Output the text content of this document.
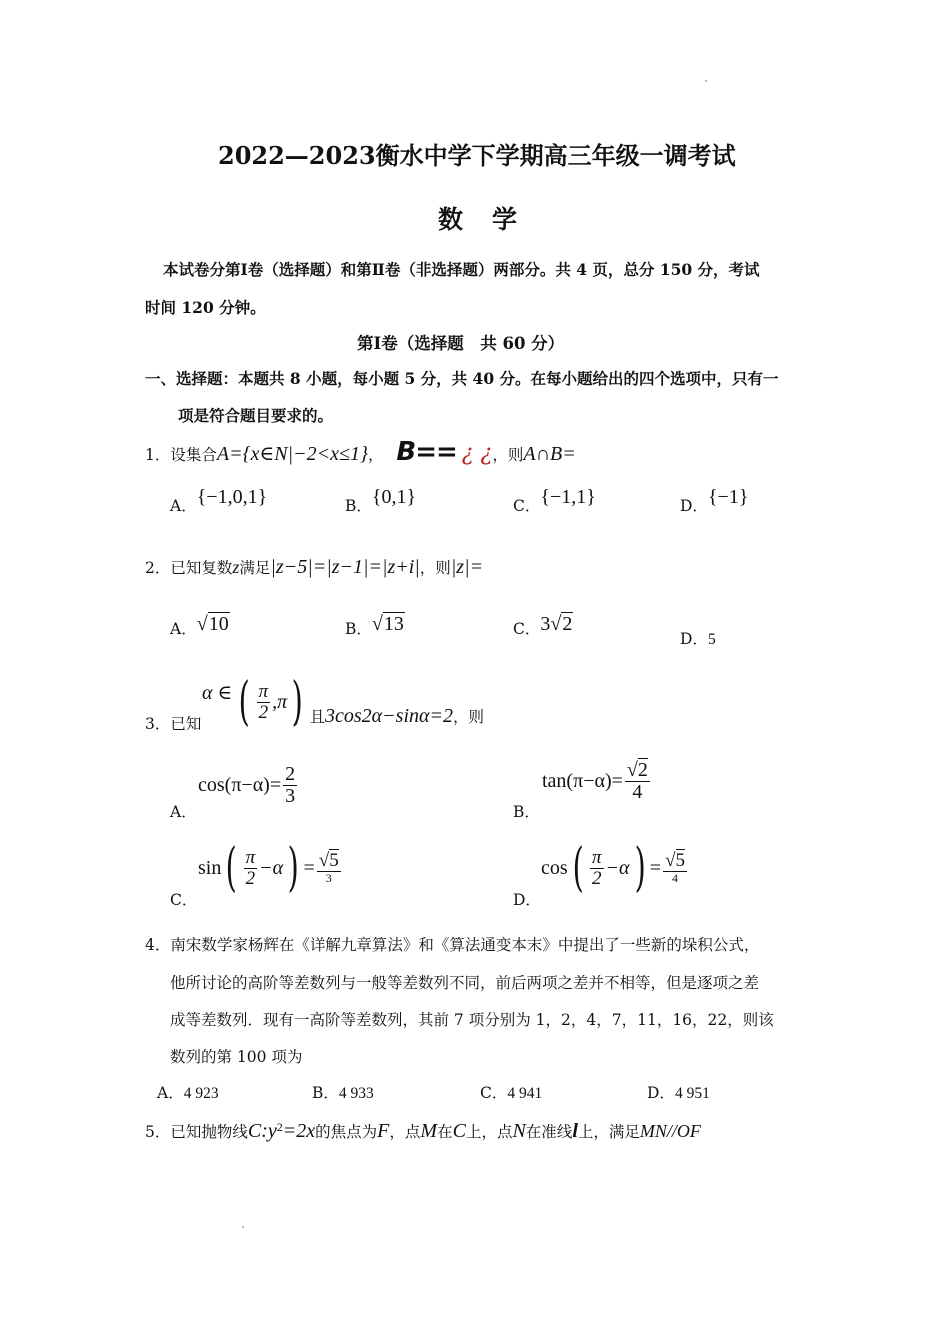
2022—2023衡水中学下学期高三年级一调考试
数　学
本试卷分第Ⅰ卷（选择题）和第Ⅱ卷（非选择题）两部分。共 4 页，总分 150 分，考试
时间 120 分钟。
第Ⅰ卷（选择题　共 60 分）
一、选择题：本题共 8 小题，每小题 5 分，共 40 分。在每小题给出的四个选项中，只有一
项是符合题目要求的。
1．设集合A={x∈N|−2<x≤1}， B== ¿ ¿，则A∩B=
A．{−1,0,1}	B．{0,1}	C．{−1,1}	D．{−1}
2．已知复数z满足|z−5|=|z−1|=|z+i|，则|z|=
A．√10	B．√13	C．3√2
D．5
3．已知
α ∈ ( $\frac{\pi}{2} ,\pi$ )
，且3cos2α−sinα=2，则
A．
$\cos(\pi-\alpha)= \frac{2}{3}$
B．
$\tan(\pi-\alpha)= \frac{√2}{4}$
C．
sin ( $\frac{\pi}{2} -\alpha$ ) = $\frac{√5}{3}$
D．
cos ( $\frac{\pi}{2} -\alpha$ ) = $\frac{√5}{4}$
4．南宋数学家杨辉在《详解九章算法》和《算法通变本末》中提出了一些新的垛积公式，
他所讨论的高阶等差数列与一般等差数列不同，前后两项之差并不相等，但是逐项之差
成等差数列．现有一高阶等差数列，其前 7 项分别为 1，2，4，7，11，16，22，则该
数列的第 100 项为
A．4 923	B．4 933	C．4 941	D．4 951
5．已知抛物线$C:y^2=2x$的焦点为F，点M在C上，点N在准线l上，满足MN//OF
